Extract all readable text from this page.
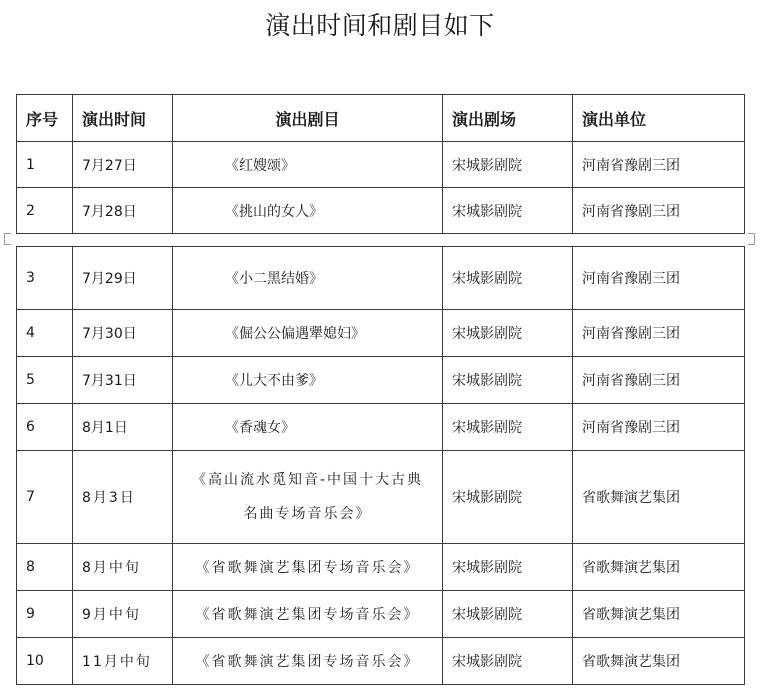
演出时间和剧目如下
序号	演出时间	演出剧目	演出剧场	演出单位
1	7月27日	《红嫂颂》	宋城影剧院	河南省豫剧三团
2	7月28日	《挑山的女人》	宋城影剧院	河南省豫剧三团
3	7月29日	《小二黑结婚》	宋城影剧院	河南省豫剧三团
4	7月30日	《倔公公偏遇犟媳妇》	宋城影剧院	河南省豫剧三团
5	7月31日	《儿大不由爹》	宋城影剧院	河南省豫剧三团
6	8月1日	《香魂女》	宋城影剧院	河南省豫剧三团
7	8月3日	《高山流水觅知音-中国十大古典
名曲专场音乐会》	宋城影剧院	省歌舞演艺集团
8	8月中旬	《省歌舞演艺集团专场音乐会》	宋城影剧院	省歌舞演艺集团
9	9月中旬	《省歌舞演艺集团专场音乐会》	宋城影剧院	省歌舞演艺集团
10	11月中旬	《省歌舞演艺集团专场音乐会》	宋城影剧院	省歌舞演艺集团
